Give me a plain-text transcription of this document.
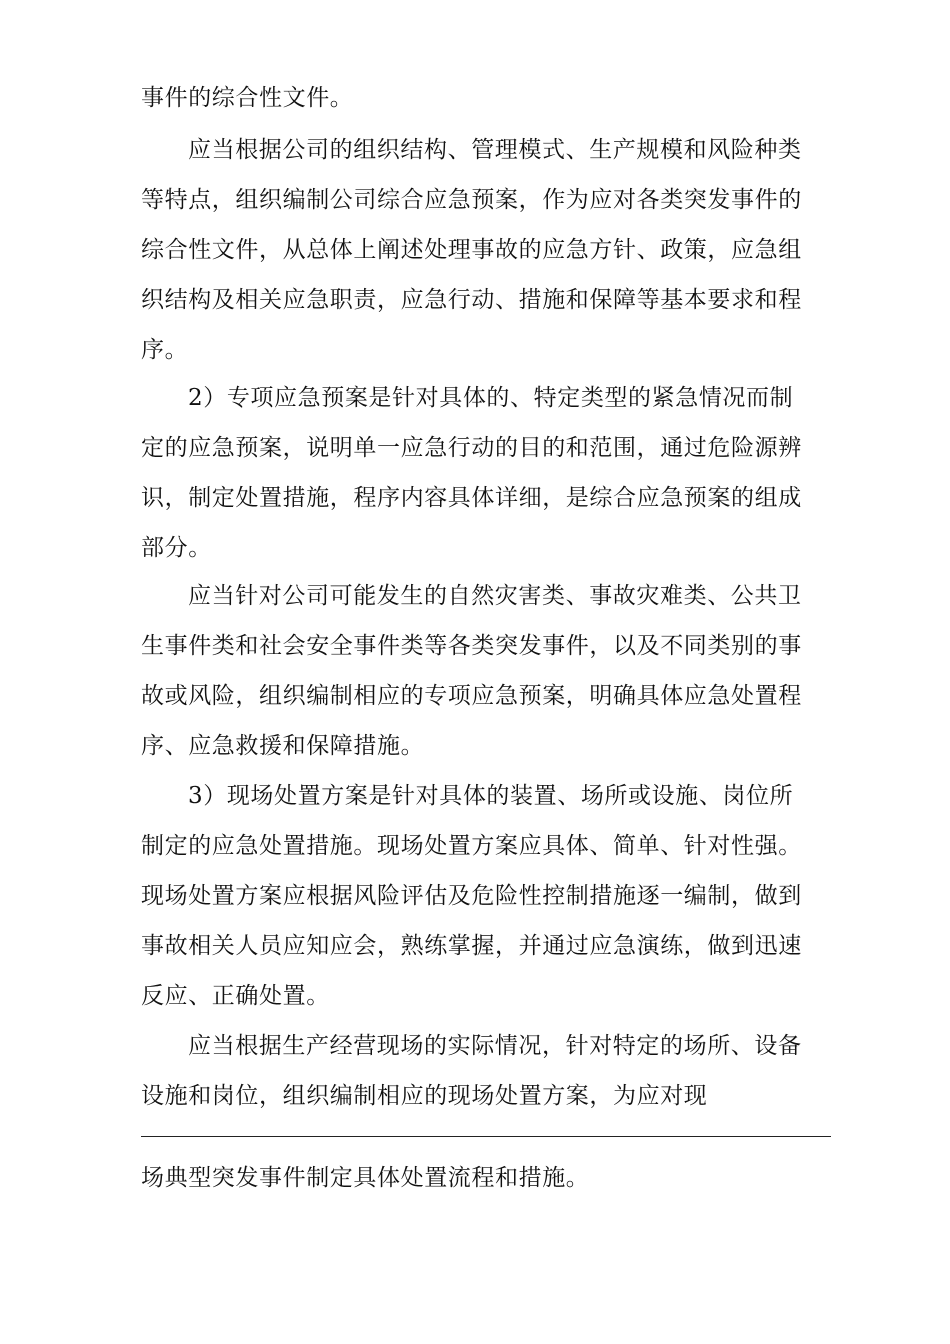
事件的综合性文件。

应当根据公司的组织结构、管理模式、生产规模和风险种类
等特点，组织编制公司综合应急预案，作为应对各类突发事件的
综合性文件，从总体上阐述处理事故的应急方针、政策，应急组
织结构及相关应急职责，应急行动、措施和保障等基本要求和程
序。

2）专项应急预案是针对具体的、特定类型的紧急情况而制
定的应急预案，说明单一应急行动的目的和范围，通过危险源辨
识，制定处置措施，程序内容具体详细，是综合应急预案的组成
部分。

应当针对公司可能发生的自然灾害类、事故灾难类、公共卫
生事件类和社会安全事件类等各类突发事件，以及不同类别的事
故或风险，组织编制相应的专项应急预案，明确具体应急处置程
序、应急救援和保障措施。

3）现场处置方案是针对具体的装置、场所或设施、岗位所
制定的应急处置措施。现场处置方案应具体、简单、针对性强。
现场处置方案应根据风险评估及危险性控制措施逐一编制，做到
事故相关人员应知应会，熟练掌握，并通过应急演练，做到迅速
反应、正确处置。

应当根据生产经营现场的实际情况，针对特定的场所、设备
设施和岗位，组织编制相应的现场处置方案，为应对现

场典型突发事件制定具体处置流程和措施。
